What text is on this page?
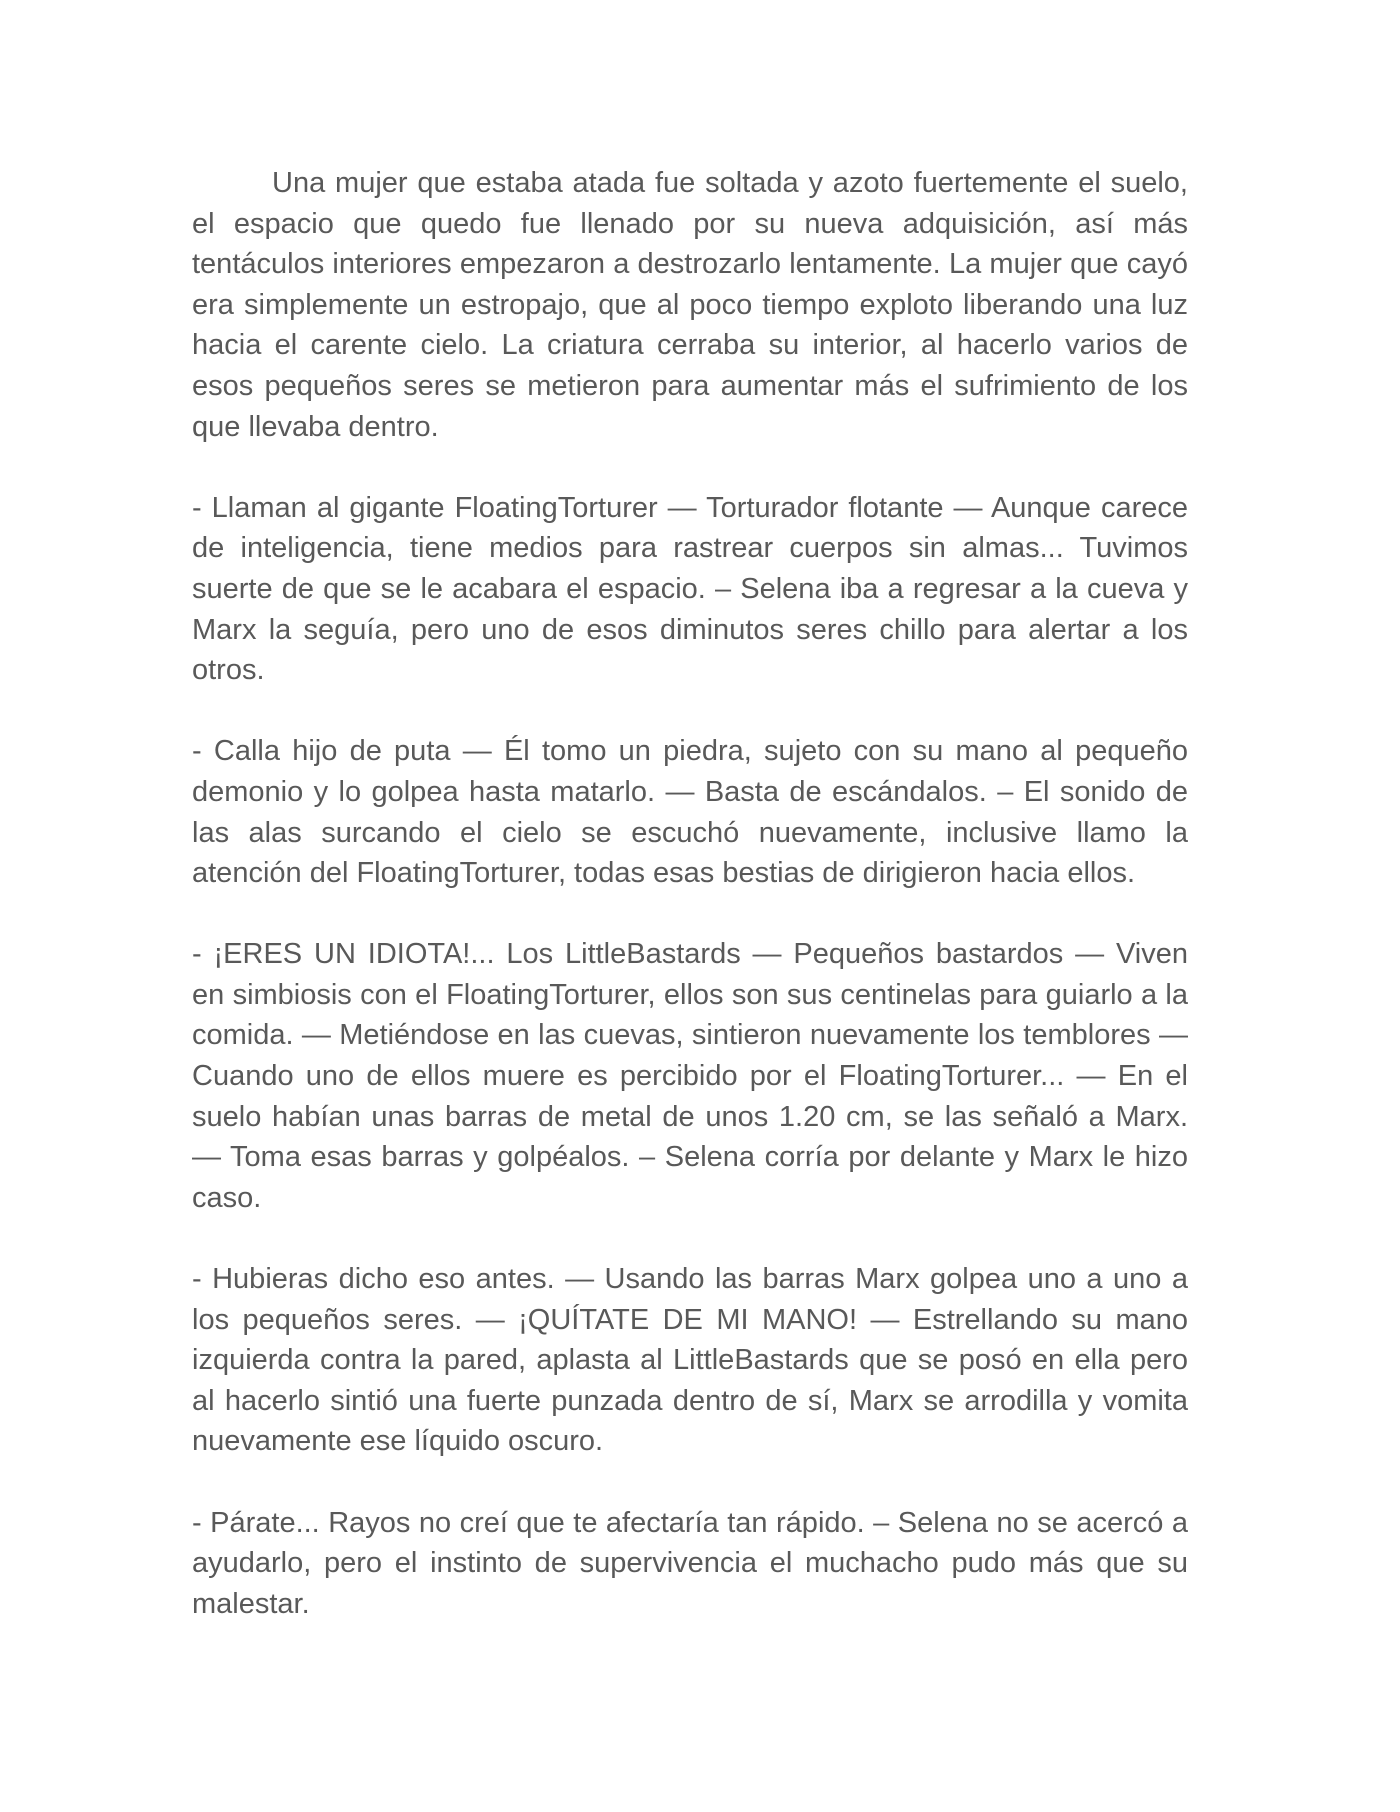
Una mujer que estaba atada fue soltada y azoto fuertemente el suelo, el espacio que quedo fue llenado por su nueva adquisición, así más tentáculos interiores empezaron a destrozarlo lentamente. La mujer que cayó era simplemente un estropajo, que al poco tiempo exploto liberando una luz hacia el carente cielo. La criatura cerraba su interior, al hacerlo varios de esos pequeños seres se metieron para aumentar más el sufrimiento de los que llevaba dentro.

- Llaman al gigante FloatingTorturer — Torturador flotante — Aunque carece de inteligencia, tiene medios para rastrear cuerpos sin almas... Tuvimos suerte de que se le acabara el espacio. – Selena iba a regresar a la cueva y Marx la seguía, pero uno de esos diminutos seres chillo para alertar a los otros.

- Calla hijo de puta — Él tomo un piedra, sujeto con su mano al pequeño demonio y lo golpea hasta matarlo. — Basta de escándalos. – El sonido de las alas surcando el cielo se escuchó nuevamente, inclusive llamo la atención del FloatingTorturer, todas esas bestias de dirigieron hacia ellos.

- ¡ERES UN IDIOTA!... Los LittleBastards — Pequeños bastardos — Viven en simbiosis con el FloatingTorturer, ellos son sus centinelas para guiarlo a la comida. — Metiéndose en las cuevas, sintieron nuevamente los temblores — Cuando uno de ellos muere es percibido por el FloatingTorturer... — En el suelo habían unas barras de metal de unos 1.20 cm, se las señaló a Marx. — Toma esas barras y golpéalos. – Selena corría por delante y Marx le hizo caso.

- Hubieras dicho eso antes. — Usando las barras Marx golpea uno a uno a los pequeños seres. — ¡QUÍTATE DE MI MANO! — Estrellando su mano izquierda contra la pared, aplasta al LittleBastards que se posó en ella pero al hacerlo sintió una fuerte punzada dentro de sí, Marx se arrodilla y vomita nuevamente ese líquido oscuro.

- Párate... Rayos no creí que te afectaría tan rápido. – Selena no se acercó a ayudarlo, pero el instinto de supervivencia el muchacho pudo más que su malestar.
